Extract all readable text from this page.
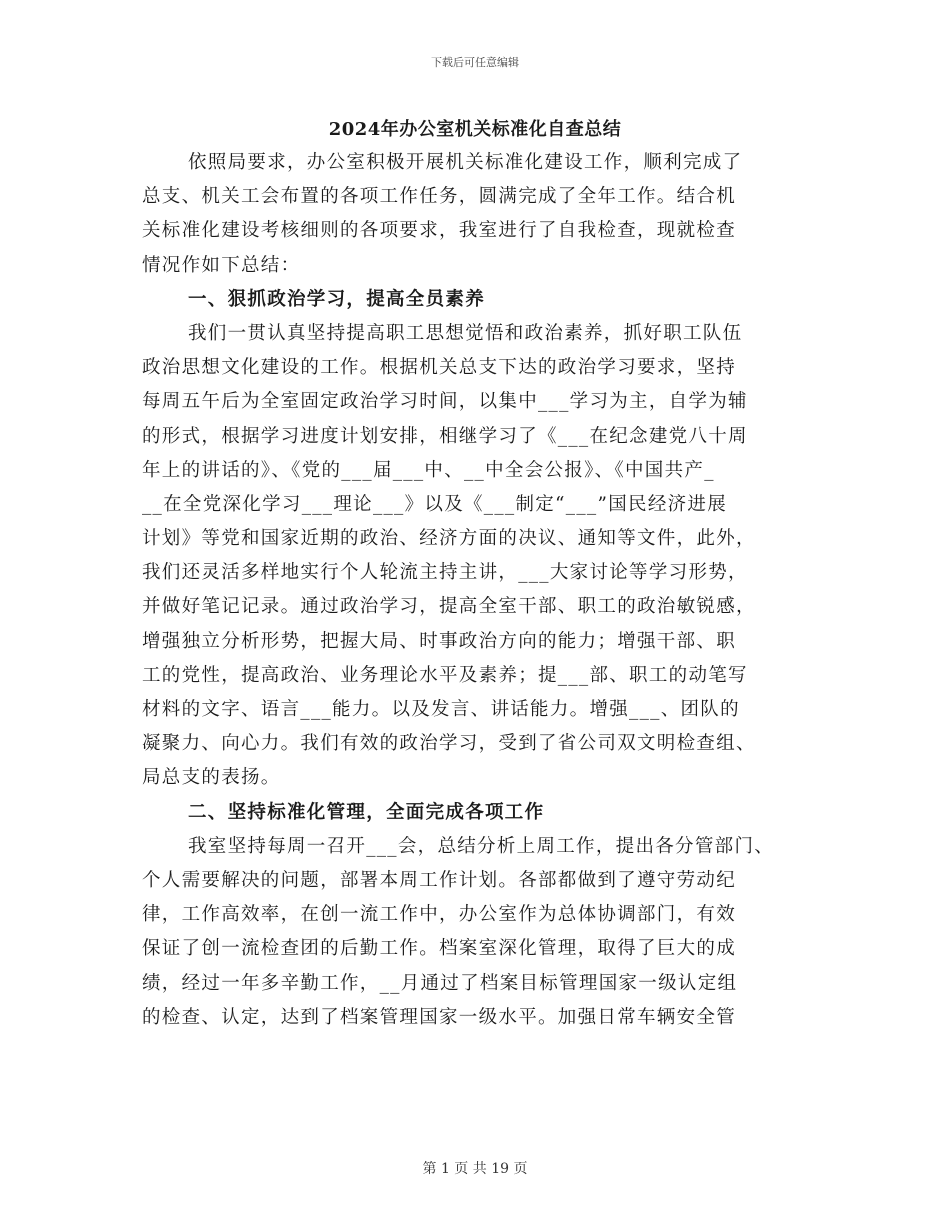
下载后可任意编辑
2024年办公室机关标准化自查总结
依照局要求，办公室积极开展机关标准化建设工作，顺利完成了
总支、机关工会布置的各项工作任务，圆满完成了全年工作。结合机
关标准化建设考核细则的各项要求，我室进行了自我检查，现就检查
情况作如下总结：
一、狠抓政治学习，提高全员素养
我们一贯认真坚持提高职工思想觉悟和政治素养，抓好职工队伍
政治思想文化建设的工作。根据机关总支下达的政治学习要求，坚持
每周五午后为全室固定政治学习时间，以集中___学习为主，自学为辅
的形式，根据学习进度计划安排，相继学习了《___在纪念建党八十周
年上的讲话的》、《党的___届___中、__中全会公报》、《中国共产_
__在全党深化学习___理论___》以及《___制定“___”国民经济进展
计划》等党和国家近期的政治、经济方面的决议、通知等文件，此外，
我们还灵活多样地实行个人轮流主持主讲，___大家讨论等学习形势，
并做好笔记记录。通过政治学习，提高全室干部、职工的政治敏锐感，
增强独立分析形势，把握大局、时事政治方向的能力；增强干部、职
工的党性，提高政治、业务理论水平及素养；提___部、职工的动笔写
材料的文字、语言___能力。以及发言、讲话能力。增强___、团队的
凝聚力、向心力。我们有效的政治学习，受到了省公司双文明检查组、
局总支的表扬。
二、坚持标准化管理，全面完成各项工作
我室坚持每周一召开___会，总结分析上周工作，提出各分管部门、
个人需要解决的问题，部署本周工作计划。各部都做到了遵守劳动纪
律，工作高效率，在创一流工作中，办公室作为总体协调部门，有效
保证了创一流检查团的后勤工作。档案室深化管理，取得了巨大的成
绩，经过一年多辛勤工作，__月通过了档案目标管理国家一级认定组
的检查、认定，达到了档案管理国家一级水平。加强日常车辆安全管
第 1 页 共 19 页
